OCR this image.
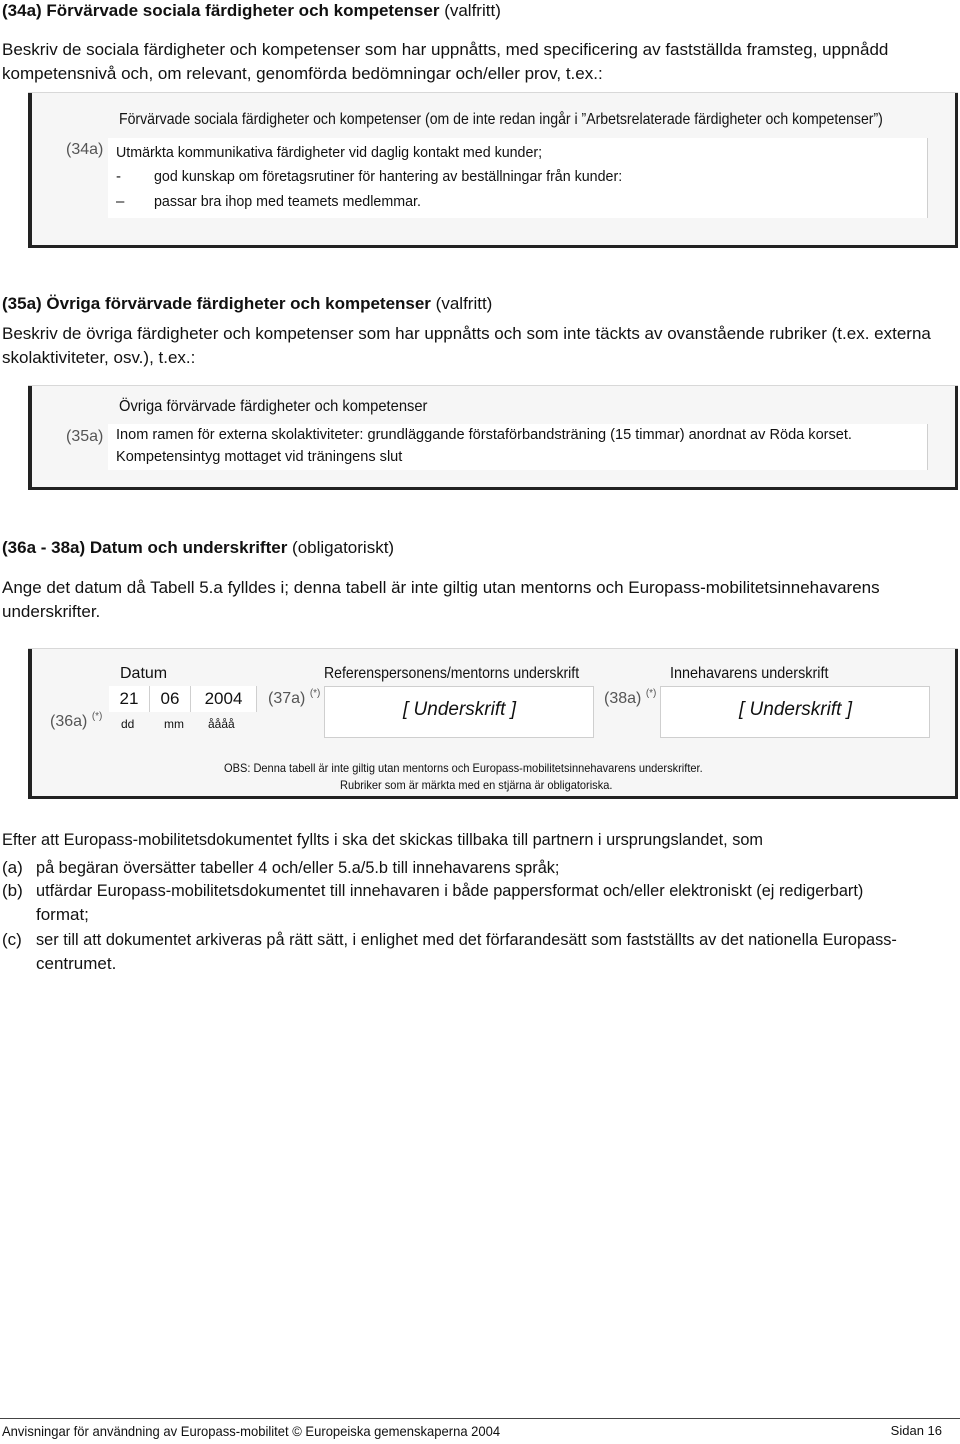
(34a) Förvärvade sociala färdigheter och kompetenser (valfritt)
Beskriv de sociala färdigheter och kompetenser som har uppnåtts, med specificering av fastställda framsteg, uppnådd
kompetensnivå och, om relevant, genomförda bedömningar och/eller prov, t.ex.:
(34a)
Förvärvade sociala färdigheter och kompetenser (om de inte redan ingår i ”Arbetsrelaterade färdigheter och kompetenser”)
Utmärkta kommunikativa färdigheter vid daglig kontakt med kunder;
- god kunskap om företagsrutiner för hantering av beställningar från kunder:
– passar bra ihop med teamets medlemmar.
(35a) Övriga förvärvade färdigheter och kompetenser (valfritt)
Beskriv de övriga färdigheter och kompetenser som har uppnåtts och som inte täckts av ovanstående rubriker (t.ex. externa
skolaktiviteter, osv.), t.ex.:
(35a)
Övriga förvärvade färdigheter och kompetenser
Inom ramen för externa skolaktiviteter: grundläggande förstaförbandsträning (15 timmar) anordnat av Röda korset.
Kompetensintyg mottaget vid träningens slut
(36a - 38a) Datum och underskrifter (obligatoriskt)
Ange det datum då Tabell 5.a fylldes i; denna tabell är inte giltig utan mentorns och Europass-mobilitetsinnehavarens
underskrifter.
(36a) (*)
Datum
21	06	2004
dd mm åååå
(37a) (*)
Referenspersonens/mentorns underskrift
[ Underskrift ]
(38a) (*)
Innehavarens underskrift
[ Underskrift ]
OBS: Denna tabell är inte giltig utan mentorns och Europass-mobilitetsinnehavarens underskrifter.
Rubriker som är märkta med en stjärna är obligatoriska.
Efter att Europass-mobilitetsdokumentet fyllts i ska det skickas tillbaka till partnern i ursprungslandet, som
(a) på begäran översätter tabeller 4 och/eller 5.a/5.b till innehavarens språk;
(b) utfärdar Europass-mobilitetsdokumentet till innehavaren i både pappersformat och/eller elektroniskt (ej redigerbart)
format;
(c) ser till att dokumentet arkiveras på rätt sätt, i enlighet med det förfarandesätt som fastställts av det nationella Europass-
centrumet.
Anvisningar för användning av Europass-mobilitet © Europeiska gemenskaperna 2004	Sidan 16
